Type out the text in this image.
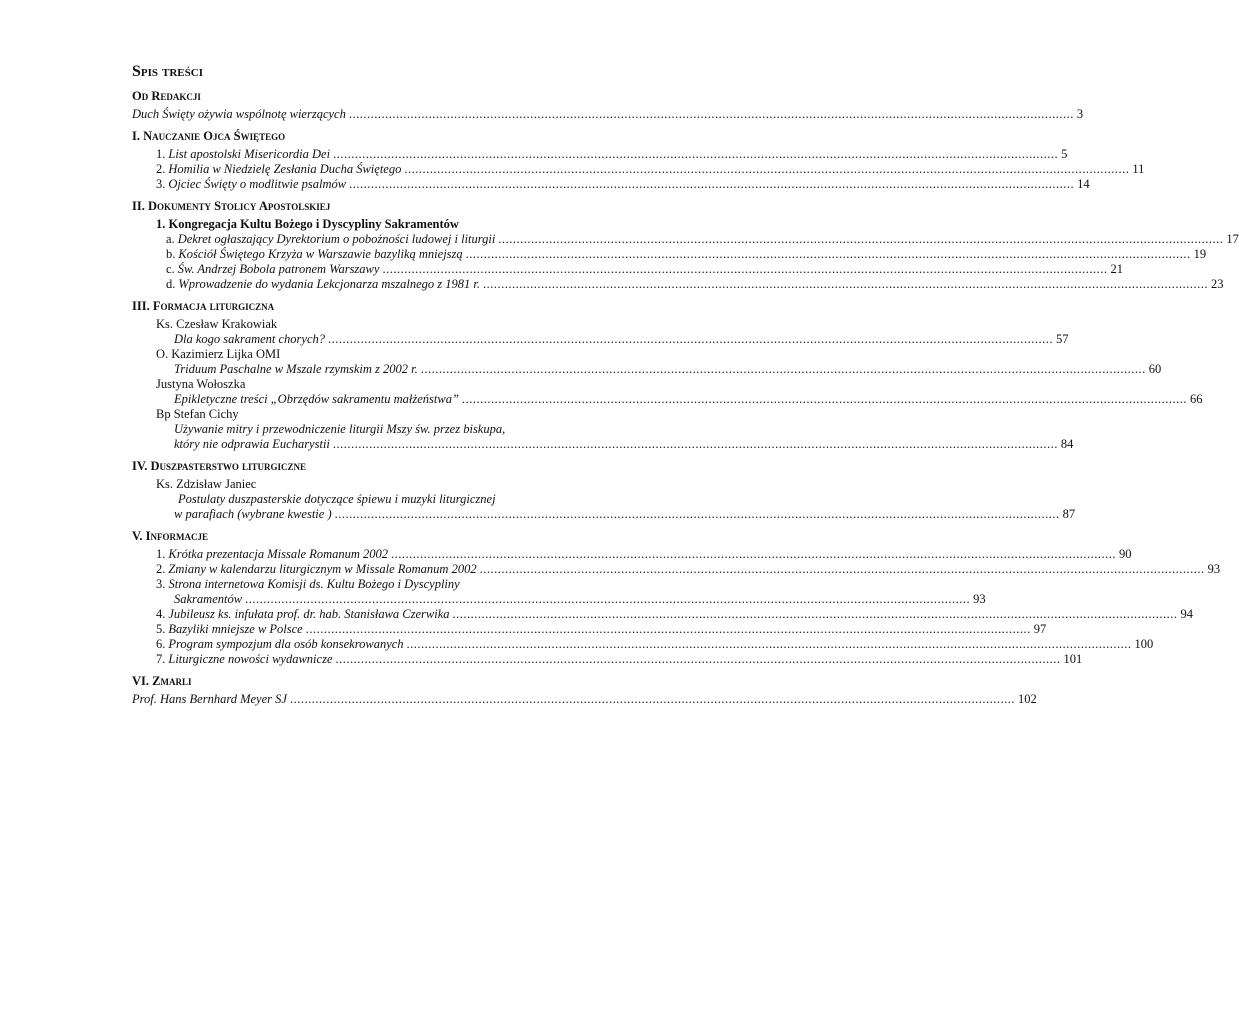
Spis treści
Od Redakcji
Duch Święty ożywia wspólnotę wierzących ........................................................................................................................................................................................................ 3
I. Nauczanie Ojca Świętego
1. List apostolski Misericordia Dei ........................................................................................................................................................................................................ 5
2. Homilia w Niedzielę Zesłania Ducha Świętego ........................................................................................................................................................................................................ 11
3. Ojciec Święty o modlitwie psalmów ........................................................................................................................................................................................................ 14
II. Dokumenty Stolicy Apostolskiej
1. Kongregacja Kultu Bożego i Dyscypliny Sakramentów
a. Dekret ogłaszający Dyrektorium o pobożności ludowej i liturgii ........................................................................................................................................................................................................ 17
b. Kościół Świętego Krzyża w Warszawie bazyliką mniejszą ........................................................................................................................................................................................................ 19
c. Św. Andrzej Bobola patronem Warszawy ........................................................................................................................................................................................................ 21
d. Wprowadzenie do wydania Lekcjonarza mszalnego z 1981 r. ........................................................................................................................................................................................................ 23
III. Formacja liturgiczna
Ks. Czesław Krakowiak
Dla kogo sakrament chorych? ........................................................................................................................................................................................................ 57
O. Kazimierz Lijka OMI
Triduum Paschalne w Mszale rzymskim z 2002 r. ........................................................................................................................................................................................................ 60
Justyna Wołoszka
Epikletyczne treści „Obrzędów sakramentu małżeństwa” ........................................................................................................................................................................................................ 66
Bp Stefan Cichy
Używanie mitry i przewodniczenie liturgii Mszy św. przez biskupa,
który nie odprawia Eucharystii ........................................................................................................................................................................................................ 84
IV. Duszpasterstwo liturgiczne
Ks. Zdzisław Janiec
Postulaty duszpasterskie dotyczące śpiewu i muzyki liturgicznej
w parafiach (wybrane kwestie ) ........................................................................................................................................................................................................ 87
V. Informacje
1. Krótka prezentacja Missale Romanum 2002 ........................................................................................................................................................................................................ 90
2. Zmiany w kalendarzu liturgicznym w Missale Romanum 2002 ........................................................................................................................................................................................................ 93
3. Strona internetowa Komisji ds. Kultu Bożego i Dyscypliny
Sakramentów ........................................................................................................................................................................................................ 93
4. Jubileusz ks. infułata prof. dr. hab. Stanisława Czerwika ........................................................................................................................................................................................................ 94
5. Bazyliki mniejsze w Polsce ........................................................................................................................................................................................................ 97
6. Program sympozjum dla osób konsekrowanych ........................................................................................................................................................................................................ 100
7. Liturgiczne nowości wydawnicze ........................................................................................................................................................................................................ 101
VI. Zmarli
Prof. Hans Bernhard Meyer SJ ........................................................................................................................................................................................................ 102
